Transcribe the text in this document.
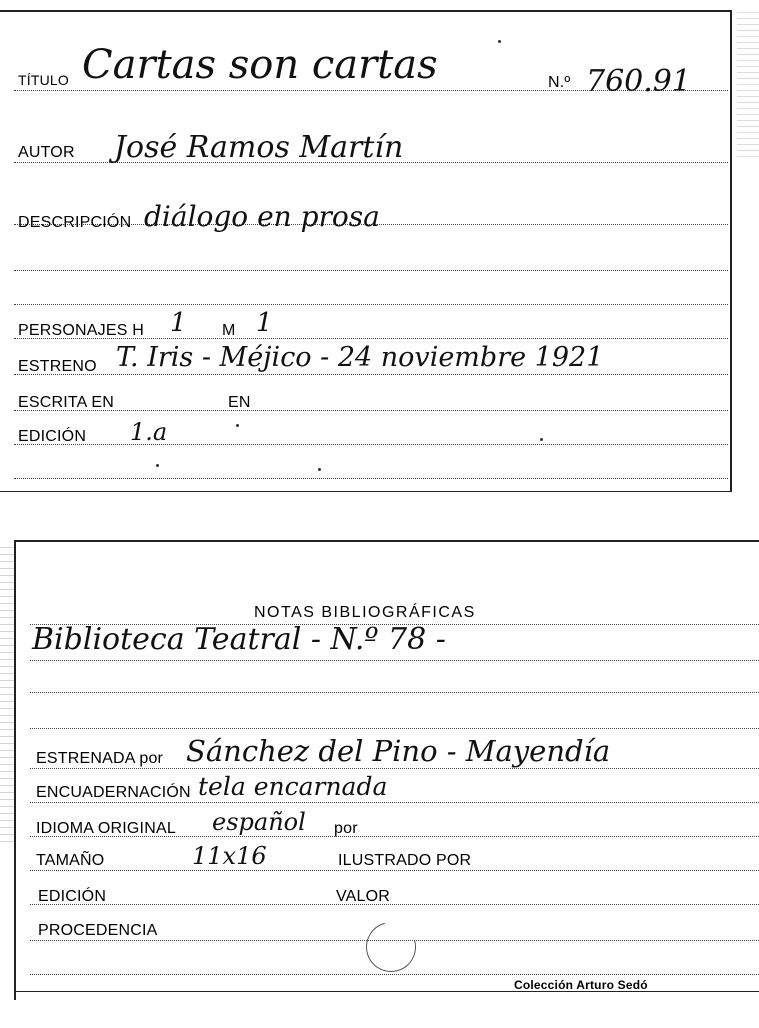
TÍTULO Cartas son cartas	N.º 760.91
AUTOR José Ramos Martín
DESCRIPCIÓN diálogo en prosa
PERSONAJES H 1 M 1
ESTRENO T. Iris - Méjico - 24 noviembre 1921
ESCRITA EN	EN
EDICIÓN 1.a
NOTAS BIBLIOGRÁFICAS
Biblioteca Teatral - N.º 78 -
ESTRENADA por Sánchez del Pino - Mayendía
ENCUADERNACIÓN tela encarnada
IDIOMA ORIGINAL español por
TAMAÑO	11x16	ILUSTRADO POR
EDICIÓN	VALOR
PROCEDENCIA
Colección Arturo Sedó
